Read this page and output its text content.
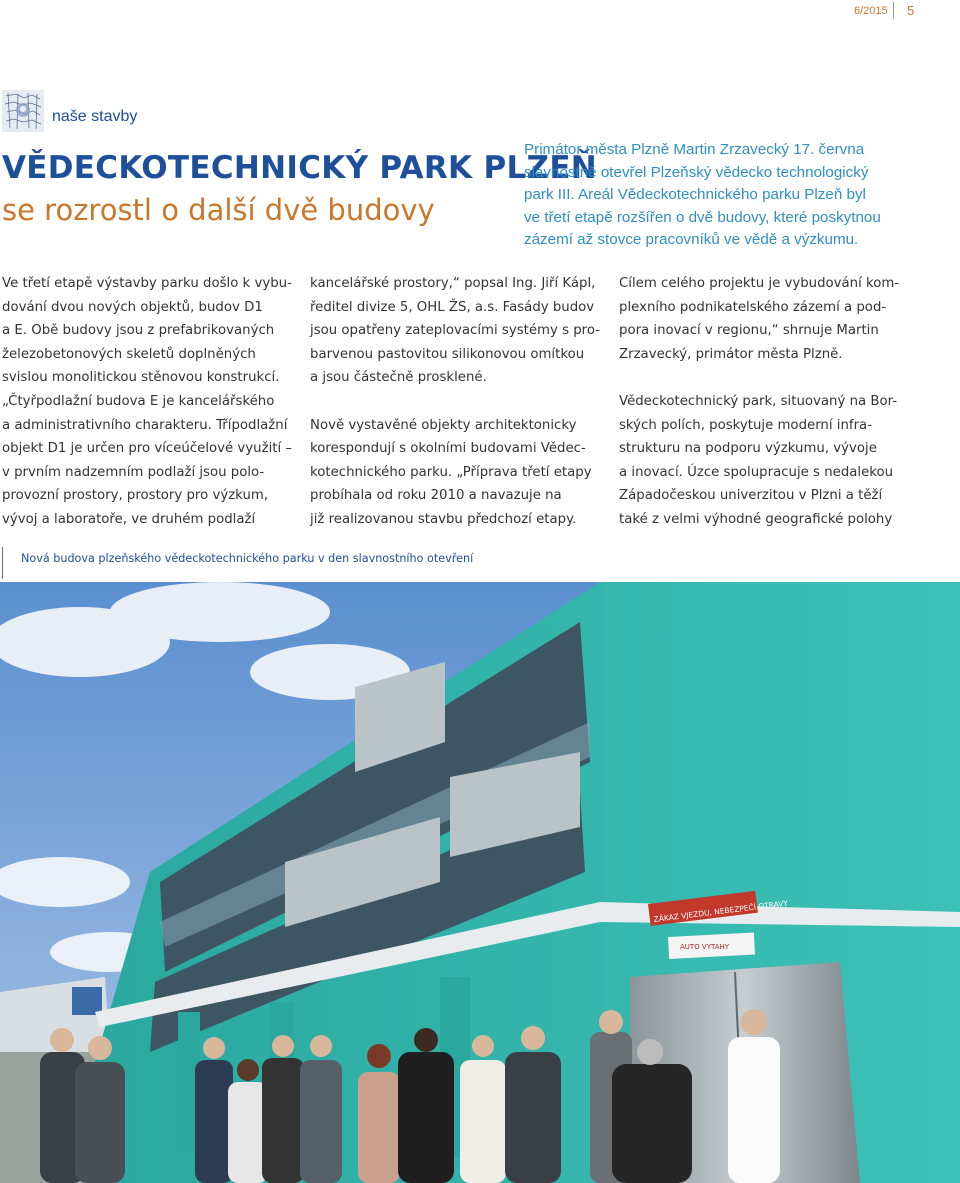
6/2015 5
naše stavby
VĚDECKOTECHNICKÝ PARK PLZEŇ
se rozrostl o další dvě budovy
Primátor města Plzně Martin Zrzavecký 17. června
slavnostně otevřel Plzeňský vědecko technologický
park III. Areál Vědeckotechnického parku Plzeň byl
ve třetí etapě rozšířen o dvě budovy, které poskytnou
zázemí až stovce pracovníků ve vědě a výzkumu.
Ve třetí etapě výstavby parku došlo k vybu-
dování dvou nových objektů, budov D1
a E. Obě budovy jsou z prefabrikovaných
železobetonových skeletů doplněných
svislou monolitickou stěnovou konstrukcí.
„Čtyřpodlažní budova E je kancelářského
a administrativního charakteru. Třípodlažní
objekt D1 je určen pro víceúčelové využití –
v prvním nadzemním podlaží jsou polo-
provozní prostory, prostory pro výzkum,
vývoj a laboratoře, ve druhém podlaží
kancelářské prostory,“ popsal Ing. Jiří Kápl,
ředitel divize 5, OHL ŽS, a.s. Fasády budov
jsou opatřeny zateplovacími systémy s pro-
barvenou pastovitou silikonovou omítkou
a jsou částečně prosklené.
Nově vystavěné objekty architektonicky
korespondují s okolními budovami Vědec-
kotechnického parku. „Příprava třetí etapy
probíhala od roku 2010 a navazuje na
již realizovanou stavbu předchozí etapy.
Cílem celého projektu je vybudování kom-
plexního podnikatelského zázemí a pod-
pora inovací v regionu,“ shrnuje Martin
Zrzavecký, primátor města Plzně.
Vědeckotechnický park, situovaný na Bor-
ských polích, poskytuje moderní infra-
strukturu na podporu výzkumu, vývoje
a inovací. Úzce spolupracuje s nedalekou
Západočeskou univerzitou v Plzni a těží
také z velmi výhodné geografické polohy
Nová budova plzeňského vědeckotechnického parku v den slavnostního otevření
ZÁKAZ VJEZDU, NEBEZPEČÍ OTRAVY
AUTO VYTAHY
